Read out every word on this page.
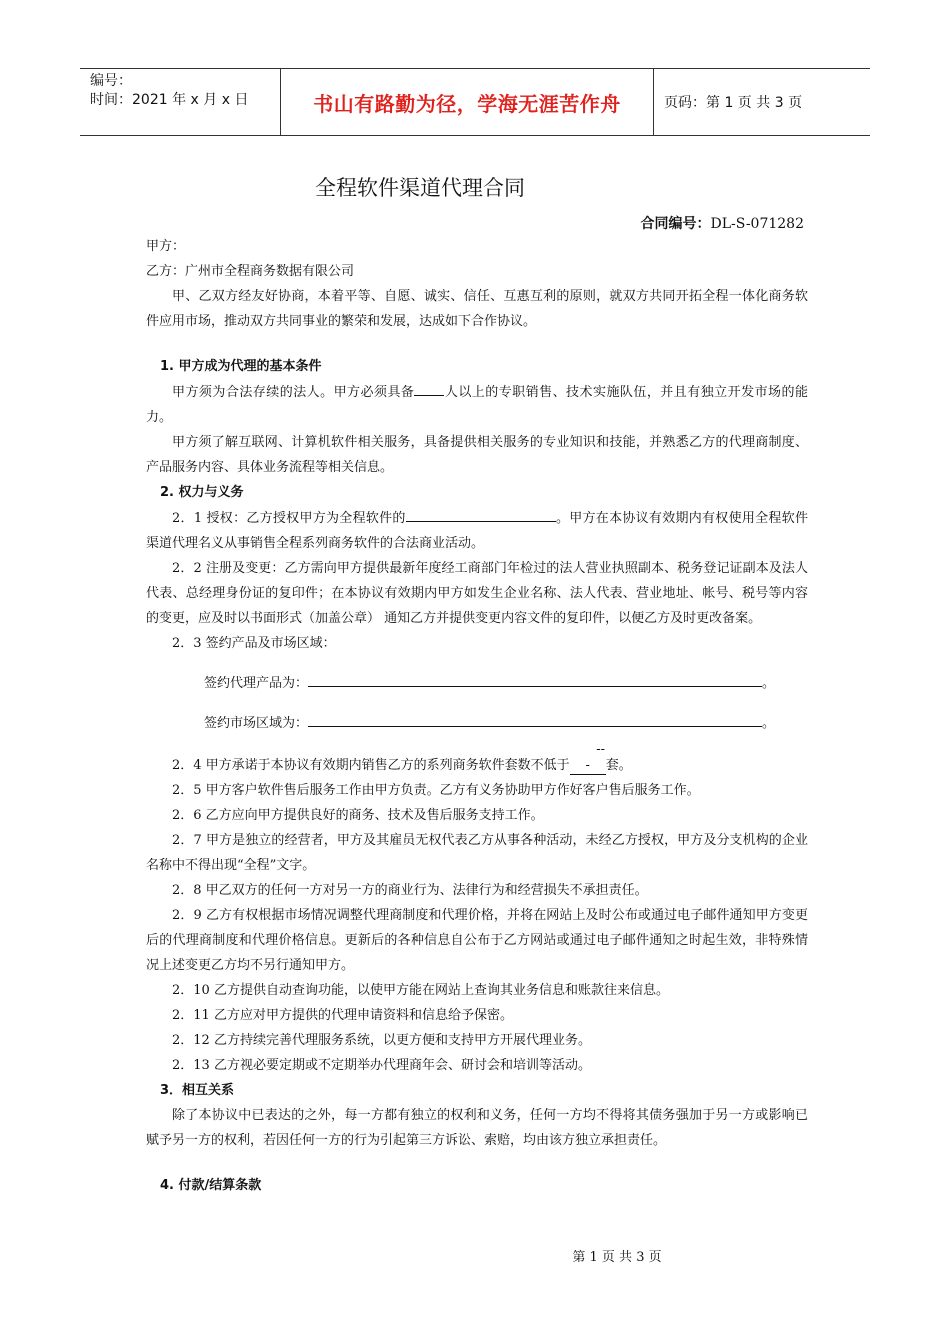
编号：
时间：2021 年 x 月 x 日	书山有路勤为径，学海无涯苦作舟	页码：第 1 页 共 3 页
全程软件渠道代理合同
合同编号：DL-S-071282
甲方：
乙方：广州市全程商务数据有限公司

甲、乙双方经友好协商，本着平等、自愿、诚实、信任、互惠互利的原则，就双方共同开拓全程一体化商务软件应用市场，推动双方共同事业的繁荣和发展，达成如下合作协议。

1. 甲方成为代理的基本条件

甲方须为合法存续的法人。甲方必须具备 人以上的专职销售、技术实施队伍，并且有独立开发市场的能力。

甲方须了解互联网、计算机软件相关服务，具备提供相关服务的专业知识和技能，并熟悉乙方的代理商制度、产品服务内容、具体业务流程等相关信息。

2. 权力与义务

2．1 授权：乙方授权甲方为全程软件的	。甲方在本协议有效期内有权使用全程软件渠道代理名义从事销售全程系列商务软件的合法商业活动。

2．2 注册及变更：乙方需向甲方提供最新年度经工商部门年检过的法人营业执照副本、税务登记证副本及法人代表、总经理身份证的复印件；在本协议有效期内甲方如发生企业名称、法人代表、营业地址、帐号、税号等内容的变更，应及时以书面形式（加盖公章） 通知乙方并提供变更内容文件的复印件，以便乙方及时更改备案。

2．3 签约产品及市场区域：

签约代理产品为：	。
签约市场区域为：	。

2．4 甲方承诺于本协议有效期内销售乙方的系列商务软件套数不低于--- 套。

2．5 甲方客户软件售后服务工作由甲方负责。乙方有义务协助甲方作好客户售后服务工作。

2．6 乙方应向甲方提供良好的商务、技术及售后服务支持工作。

2．7 甲方是独立的经营者，甲方及其雇员无权代表乙方从事各种活动，未经乙方授权，甲方及分支机构的企业名称中不得出现“全程”文字。

2．8 甲乙双方的任何一方对另一方的商业行为、法律行为和经营损失不承担责任。

2．9 乙方有权根据市场情况调整代理商制度和代理价格，并将在网站上及时公布或通过电子邮件通知甲方变更后的代理商制度和代理价格信息。更新后的各种信息自公布于乙方网站或通过电子邮件通知之时起生效，非特殊情况上述变更乙方均不另行通知甲方。

2．10 乙方提供自动查询功能，以使甲方能在网站上查询其业务信息和账款往来信息。

2．11 乙方应对甲方提供的代理申请资料和信息给予保密。

2．12 乙方持续完善代理服务系统，以更方便和支持甲方开展代理业务。

2．13 乙方视必要定期或不定期举办代理商年会、研讨会和培训等活动。

3．相互关系

除了本协议中已表达的之外，每一方都有独立的权利和义务，任何一方均不得将其债务强加于另一方或影响已赋予另一方的权利，若因任何一方的行为引起第三方诉讼、索赔，均由该方独立承担责任。

4. 付款/结算条款
第 1 页 共 3 页
